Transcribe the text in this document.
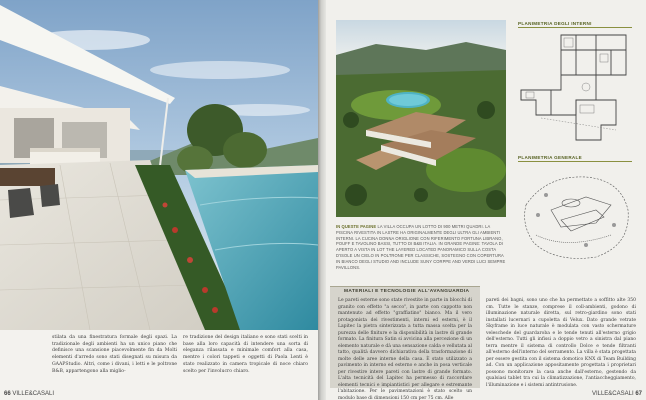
stilata da una finestratura formale degli spazi. La tradizionale degli ambienti ha un unico piano che definisce una scansione piacevolmente fin da Molti elementi d'arredo sono stati disegnati su misura da GAAPStudio. Altri, come i divani, i letti e le poltrone B&B, appartengono alla miglio-

re tradizione del design italiano e sono stati scelti in base alla loro capacità di intendere una sorta di eleganza rilassata e minimale comfort alla casa, mentre i colori tappeti e oggetti di Paola Lenti è stato realizzato in camera tropicale di noce chiaro scelto per l'involucro chiaro.

66 VILLE&CASALI
IN QUESTE PAGINE LA VILLA OCCUPA UN LOTTO DI 900 METRI QUADRI. LA PISCINA RIVESTITA IN LASTRE HA ORIGINALMENTE DEGLI ULTRA GLI AMBIENTI INTERNI. LA CUCINA DONNA ORIGLIONE CON RIFERIMENTO FORTUNA LIBRANO, POUFF E TAVOLINO BASSI, TUTTO DI B&B ITALIA. IN GRANDE PAGINE: TAVOLA DI APERTO A VISTA IN LOT THE LAYERED LOCATED PANORAMICO SULLA COSTA D'ISOLE UN CIELO IN POLTRONE PER CLASSICHE, SOSTEGNO CON COPERTURA IN BIANCO DEGLI STUDIO AND INCLUDE SUNY CORPPE AND VERDI LUCI SEMPRE PAVILLONS.
PLANIMETRIA DEGLI INTERNI
PLANIMETRIA GENERALE
MATERIALI E TECNOLOGIE ALL'AVANGUARDIA

Le pareti esterne sono state rivestite in parte in blocchi di granito con effetto "a secco", in parte con cappotto non mantenuto ad effetto "graffiatino" bianco. Ma il vero protagonista dei rivestimenti, interni ed esterni, è il Lapitec la pietra sinterizzata a tutta massa scelta per la purezza delle finiture e la disponibilità in lastre di grande formato. La finitura Satin si avvicina alla percezione di un elemento naturale e dà una sensazione calda e vellutata al tatto, qualità davvero dichiarativa della trasformazione di molte delle aree interne della casa. È stato utilizzato a pavimento in interno ed esterno e anche in posa verticale per rivestire intere pareti con lastre di grande formato. L'alta tecnicità del Lapitec ha permesso di raccordare elementi tecnici e impiantistici per allegare e estremante l'abitazione. Per le pavimentazioni è stato scelto un modulo base di dimensioni 150 cm per 75 cm. Alle

pareti dei bagni, sono uno che ha permettato a soffitto alte 350 cm. Tutte le stanze, comprese il coll-ambienti, godono di illuminazione naturale diretta, sul retro-giardino sono stati installati lucernari a cupoletta di Velux. Dato grande vetrate Skyframe in luce naturale è modulata con vasto schermature veleschede del guardaroba e le tende tenuti all'esterno grigio dell'esterno. Tutti gli infissi a doppio vetro a sinistra dal piano terra mentre il sistema di controllo Dolce e tende filtranti all'esterno dell'interno del serramento. La villa è stata progettata per essere gestita con il sistema domotico KNX di Team Building ad. Con un applicazione appositamente progettata i proprietari possono monitorare la casa anche dall'esterno, gestendo da qualsiasi tablet tra cui la climatizzazione, l'antiaccheggiamento, l'illuminazione e i sistemi antintrusione.

VILLE&CASALI 67
